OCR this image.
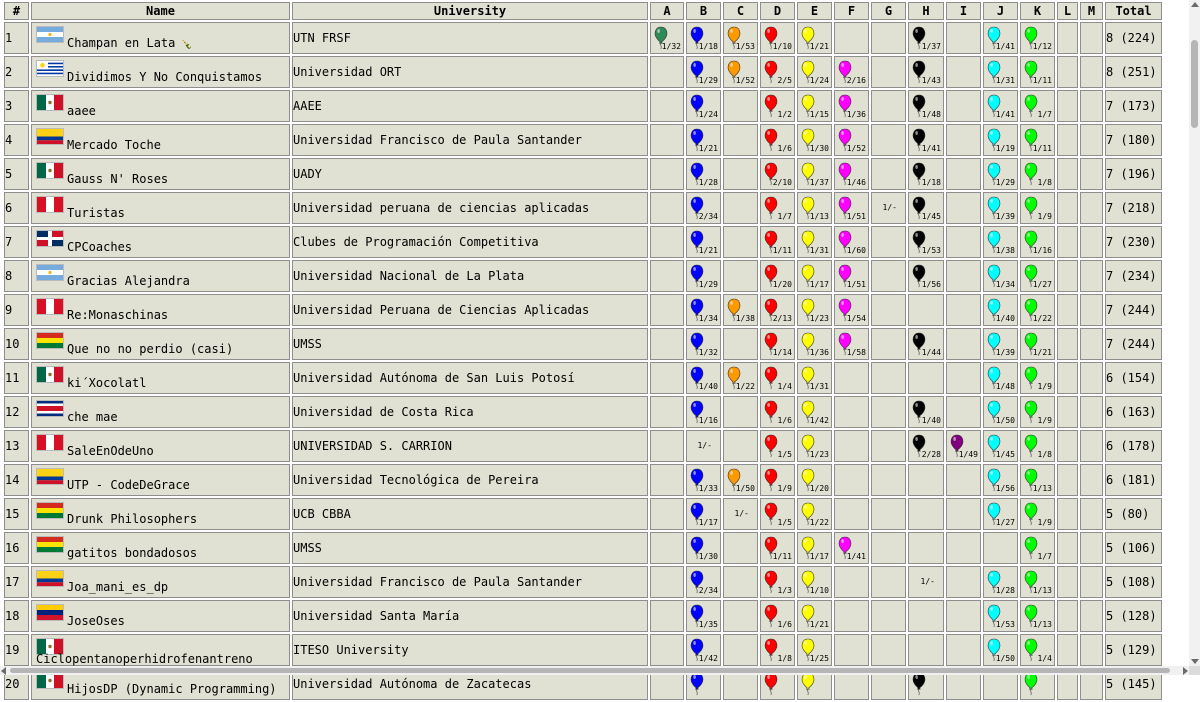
#	Name	University	A	B	C	D	E	F	G	H	I	J	K	L	M	Total
1	Champan en Lata 🍾	UTN FRSF	1/32	1/18	1/53	1/10	1/21			1/37		1/41	1/12			8 (224)
2	Dividimos Y No Conquistamos	Universidad ORT		1/29	1/52	2/5	1/24	2/16		1/43		1/31	1/11			8 (251)
3	aaee	AAEE		1/24		1/2	1/15	1/36		1/48		1/41	1/7			7 (173)
4	Mercado Toche	Universidad Francisco de Paula Santander		1/21		1/6	1/30	1/52		1/41		1/19	1/11			7 (180)
5	Gauss N' Roses	UADY		1/28		2/10	1/37	1/46		1/18		1/29	1/8			7 (196)
6	Turistas	Universidad peruana de ciencias aplicadas		2/34		1/7	1/13	1/51	1/-	1/45		1/39	1/9			7 (218)
7	CPCoaches	Clubes de Programación Competitiva		1/21		1/11	1/31	1/60		1/53		1/38	1/16			7 (230)
8	Gracias Alejandra	Universidad Nacional de La Plata		1/29		1/20	1/17	1/51		1/56		1/34	1/27			7 (234)
9	Re:Monaschinas	Universidad Peruana de Ciencias Aplicadas		1/34	1/38	2/13	1/23	1/54				1/40	1/22			7 (244)
10	Que no no perdio (casi)	UMSS		1/32		1/14	1/36	1/58		1/44		1/39	1/21			7 (244)
11	ki´Xocolatl	Universidad Autónoma de San Luis Potosí		1/40	1/22	1/4	1/31					1/48	1/9			6 (154)
12	che mae	Universidad de Costa Rica		1/16		1/6	1/42			1/40		1/50	1/9			6 (163)
13	SaleEnOdeUno	UNIVERSIDAD S. CARRION		1/-		1/5	1/23			2/28	1/49	1/45	1/8			6 (178)
14	UTP - CodeDeGrace	Universidad Tecnológica de Pereira		1/33	1/50	1/9	1/20					1/56	1/13			6 (181)
15	Drunk Philosophers	UCB CBBA		1/17	1/-	1/5	1/22					1/27	1/9			5 (80)
16	gatitos bondadosos	UMSS		1/30		1/11	1/17	1/41					1/7			5 (106)
17	Joa_mani_es_dp	Universidad Francisco de Paula Santander		2/34		1/3	1/10			1/-		1/28	1/13			5 (108)
18	JoseOses	Universidad Santa María		1/35		1/6	1/21					1/53	1/13			5 (128)
19	Ciclopentanoperhidrofenantreno	ITESO University		1/42		1/8	1/25					1/50	1/4			5 (129)
20	HijosDP (Dynamic Programming)	Universidad Autónoma de Zacatecas														5 (145)
